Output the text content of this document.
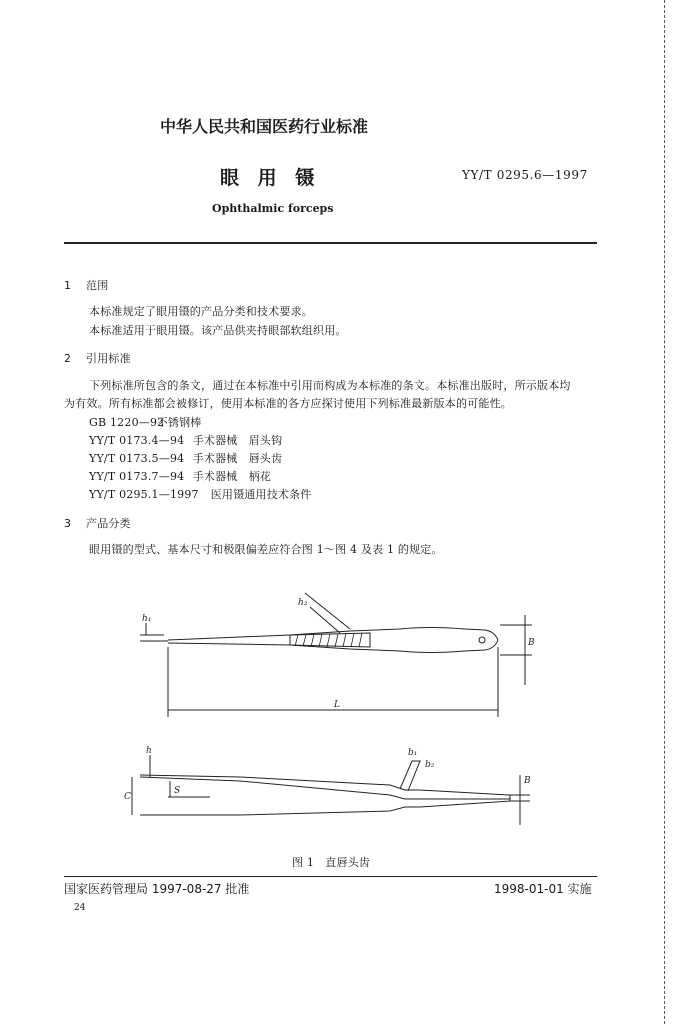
中华人民共和国医药行业标准
眼 用 镊	YY/T 0295.6—1997
Ophthalmic forceps
1 范围
本标准规定了眼用镊的产品分类和技术要求。
本标准适用于眼用镊。该产品供夹持眼部软组织用。
2 引用标准
下列标准所包含的条文，通过在本标准中引用而构成为本标准的条文。本标准出版时，所示版本均
为有效。所有标准都会被修订，使用本标准的各方应探讨使用下列标准最新版本的可能性。
GB 1220—92 不锈钢棒
YY/T 0173.4—94 手术器械　眉头钩
YY/T 0173.5—94 手术器械　唇头齿
YY/T 0173.7—94 手术器械　柄花
YY/T 0295.1—1997 医用镊通用技术条件
3 产品分类
眼用镊的型式、基本尺寸和极限偏差应符合图 1～图 4 及表 1 的规定。
h₁
h₂
B
L
h
S
C
b₁
b₂
B
图 1　直唇头齿
国家医药管理局 1997-08-27 批准	1998-01-01 实施
24
